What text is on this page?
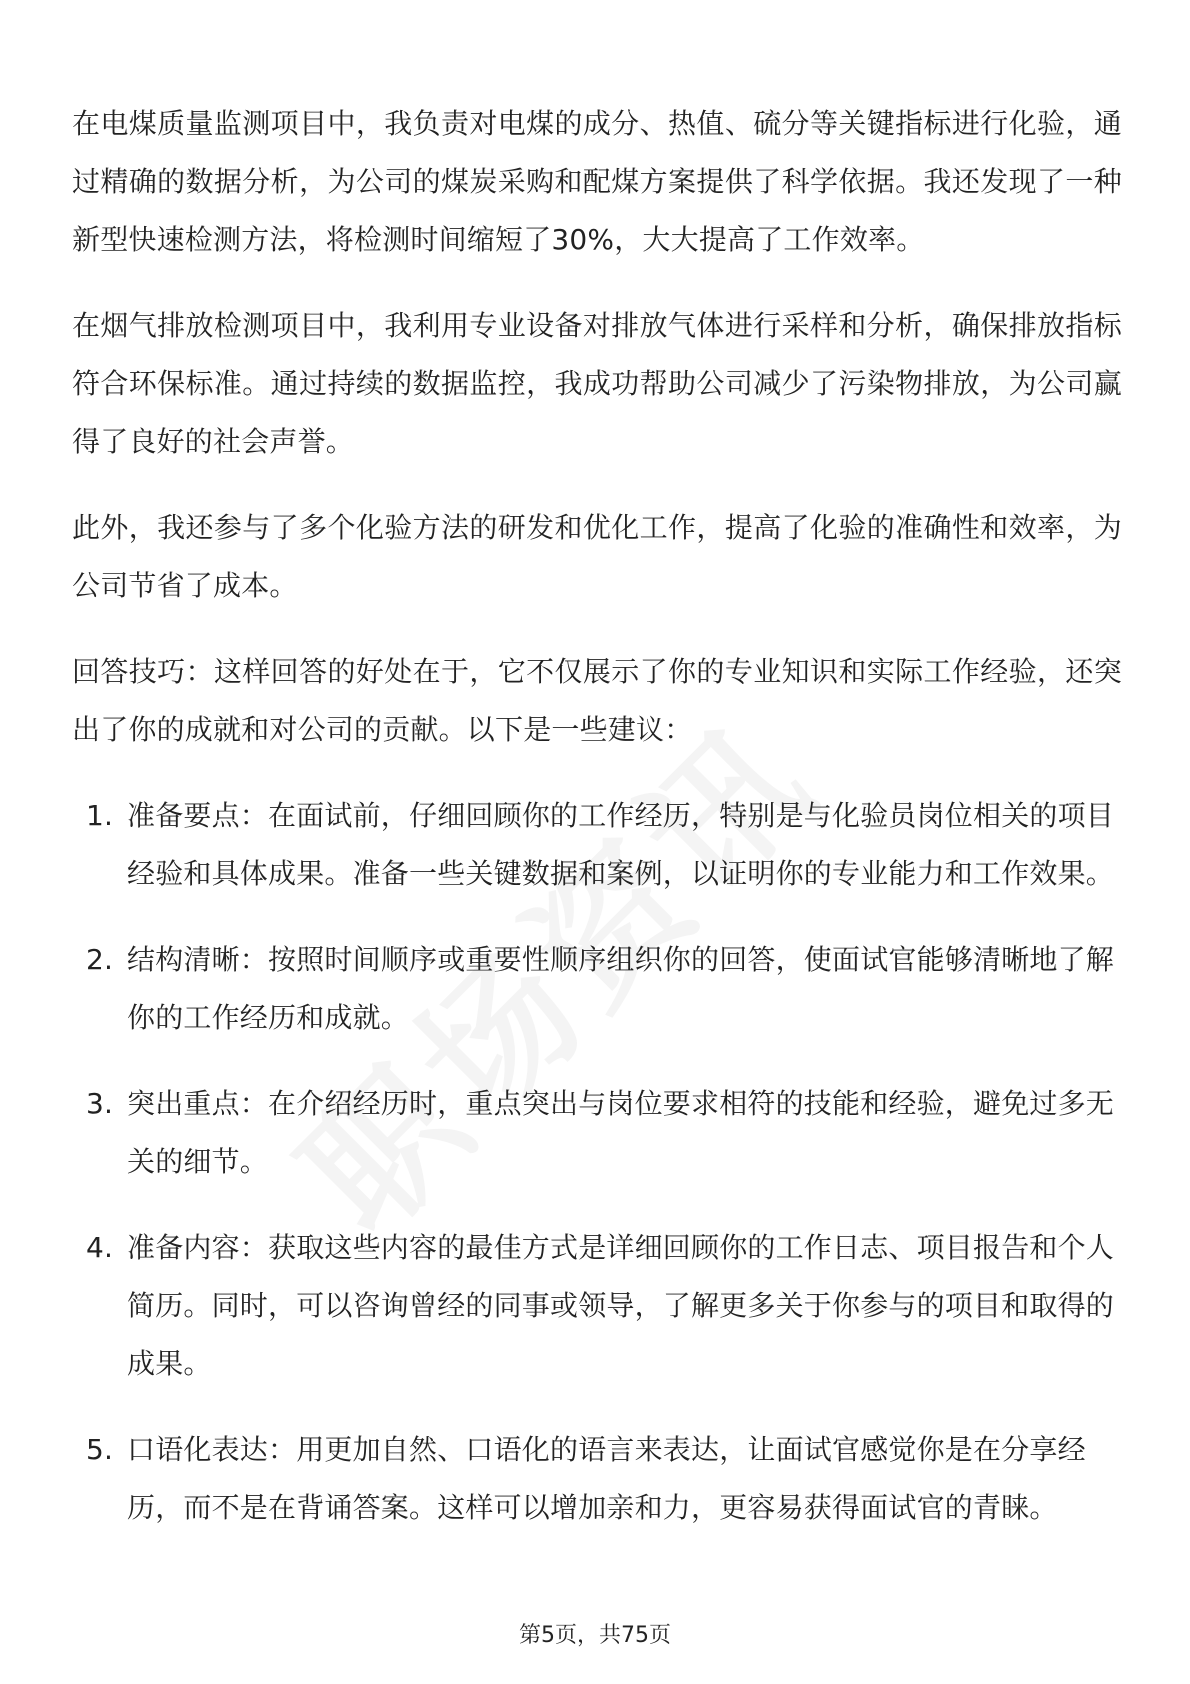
在电煤质量监测项目中，我负责对电煤的成分、热值、硫分等关键指标进行化验，通过精确的数据分析，为公司的煤炭采购和配煤方案提供了科学依据。我还发现了一种新型快速检测方法，将检测时间缩短了30%，大大提高了工作效率。

在烟气排放检测项目中，我利用专业设备对排放气体进行采样和分析，确保排放指标符合环保标准。通过持续的数据监控，我成功帮助公司减少了污染物排放，为公司赢得了良好的社会声誉。

此外，我还参与了多个化验方法的研发和优化工作，提高了化验的准确性和效率，为公司节省了成本。

回答技巧：这样回答的好处在于，它不仅展示了你的专业知识和实际工作经验，还突出了你的成就和对公司的贡献。以下是一些建议：

1. 准备要点：在面试前，仔细回顾你的工作经历，特别是与化验员岗位相关的项目经验和具体成果。准备一些关键数据和案例，以证明你的专业能力和工作效果。
2. 结构清晰：按照时间顺序或重要性顺序组织你的回答，使面试官能够清晰地了解你的工作经历和成就。
3. 突出重点：在介绍经历时，重点突出与岗位要求相符的技能和经验，避免过多无关的细节。
4. 准备内容：获取这些内容的最佳方式是详细回顾你的工作日志、项目报告和个人简历。同时，可以咨询曾经的同事或领导，了解更多关于你参与的项目和取得的成果。
5. 口语化表达：用更加自然、口语化的语言来表达，让面试官感觉你是在分享经历，而不是在背诵答案。这样可以增加亲和力，更容易获得面试官的青睐。
第5页，共75页
